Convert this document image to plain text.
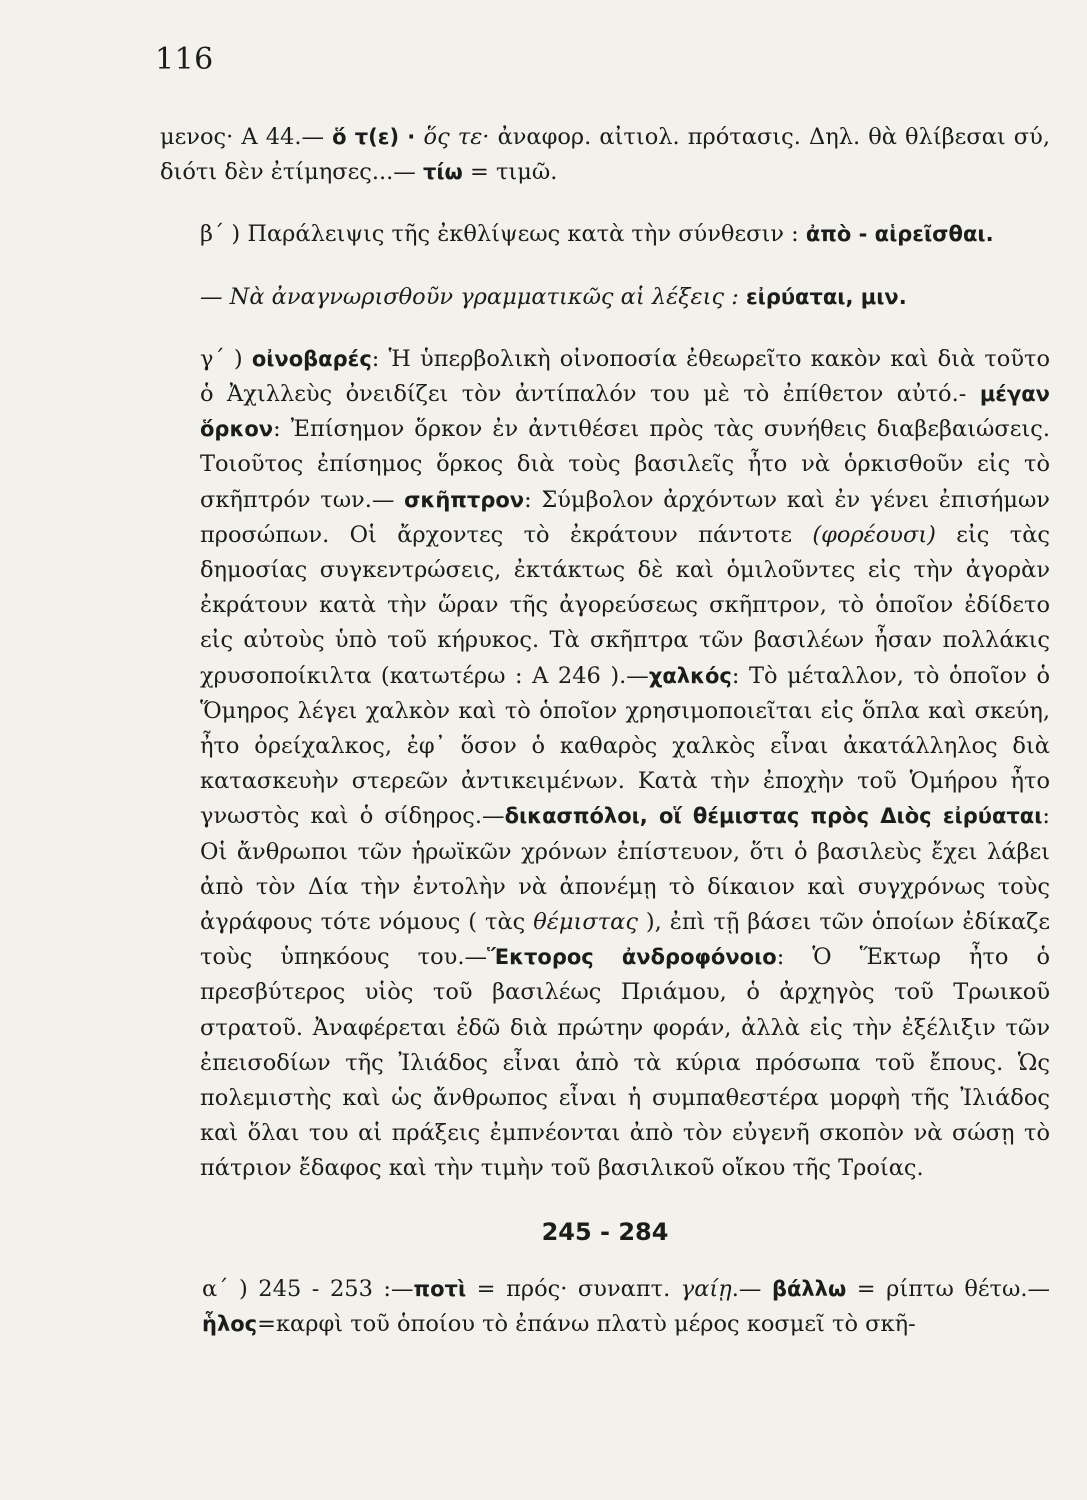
116

μενος· Α 44.— ὅ τ(ε) · ὅς τε· ἀναφορ. αἰτιολ. πρότασις. Δηλ. θὰ θλίβεσαι σύ, διότι δὲν ἐτίμησες...— τίω = τιμῶ.

β΄ ) Παράλειψις τῆς ἐκθλίψεως κατὰ τὴν σύνθεσιν : ἀπὸ - αἱρεῖσθαι.

— Νὰ ἀναγνωρισθοῦν γραμματικῶς αἱ λέξεις : εἰρύαται, μιν.

γ΄ ) οἰνοβαρές: Ἡ ὑπερβολικὴ οἰνοποσία ἐθεωρεῖτο κακὸν καὶ διὰ τοῦτο ὁ Ἀχιλλεὺς ὀνειδίζει τὸν ἀντίπαλόν του μὲ τὸ ἐπίθετον αὐτό.- μέγαν ὅρκον: Ἐπίσημον ὅρκον ἐν ἀντιθέσει πρὸς τὰς συνήθεις διαβεβαιώσεις. Τοιοῦτος ἐπίσημος ὅρκος διὰ τοὺς βασιλεῖς ἦτο νὰ ὁρκισθοῦν εἰς τὸ σκῆπτρόν των.— σκῆπτρον: Σύμβολον ἀρχόντων καὶ ἐν γένει ἐπισήμων προσώπων. Οἱ ἄρχοντες τὸ ἐκράτουν πάντοτε (φορέουσι) εἰς τὰς δημοσίας συγκεντρώσεις, ἐκτάκτως δὲ καὶ ὁμιλοῦντες εἰς τὴν ἀγορὰν ἐκράτουν κατὰ τὴν ὥραν τῆς ἀγορεύσεως σκῆπτρον, τὸ ὁποῖον ἐδίδετο εἰς αὐτοὺς ὑπὸ τοῦ κήρυκος. Τὰ σκῆπτρα τῶν βασιλέων ἦσαν πολλάκις χρυσοποίκιλτα (κατωτέρω : Α 246 ).—χαλκός: Τὸ μέταλλον, τὸ ὁποῖον ὁ Ὅμηρος λέγει χαλκὸν καὶ τὸ ὁποῖον χρησιμοποιεῖται εἰς ὅπλα καὶ σκεύη, ἦτο ὀρείχαλκος, ἐφ᾽ ὅσον ὁ καθαρὸς χαλκὸς εἶναι ἀκατάλληλος διὰ κατασκευὴν στερεῶν ἀντικειμένων. Κατὰ τὴν ἐποχὴν τοῦ Ὁμήρου ἦτο γνωστὸς καὶ ὁ σίδηρος.—δικασπόλοι, οἵ θέμιστας πρὸς Διὸς εἰρύαται: Οἱ ἄνθρωποι τῶν ἡρωϊκῶν χρόνων ἐπίστευον, ὅτι ὁ βασιλεὺς ἔχει λάβει ἀπὸ τὸν Δία τὴν ἐντολὴν νὰ ἀπονέμῃ τὸ δίκαιον καὶ συγχρόνως τοὺς ἀγράφους τότε νόμους ( τὰς θέμιστας ), ἐπὶ τῇ βάσει τῶν ὁποίων ἐδίκαζε τοὺς ὑπηκόους του.—Ἕκτορος ἀνδροφόνοιο: Ὁ Ἕκτωρ ἦτο ὁ πρεσβύτερος υἱὸς τοῦ βασιλέως Πριάμου, ὁ ἀρχηγὸς τοῦ Τρωικοῦ στρατοῦ. Ἀναφέρεται ἐδῶ διὰ πρώτην φοράν, ἀλλὰ εἰς τὴν ἐξέλιξιν τῶν ἐπεισοδίων τῆς Ἰλιάδος εἶναι ἀπὸ τὰ κύρια πρόσωπα τοῦ ἔπους. Ὡς πολεμιστὴς καὶ ὡς ἄνθρωπος εἶναι ἡ συμπαθεστέρα μορφὴ τῆς Ἰλιάδος καὶ ὅλαι του αἱ πράξεις ἐμπνέονται ἀπὸ τὸν εὐγενῆ σκοπὸν νὰ σώσῃ τὸ πάτριον ἔδαφος καὶ τὴν τιμὴν τοῦ βασιλικοῦ οἴκου τῆς Τροίας.

245 - 284

α΄ ) 245 - 253 :—ποτὶ = πρός· συναπτ. γαίῃ.— βάλλω = ρίπτω θέτω.—ἧλος=καρφὶ τοῦ ὁποίου τὸ ἐπάνω πλατὺ μέρος κοσμεῖ τὸ σκῆ-
